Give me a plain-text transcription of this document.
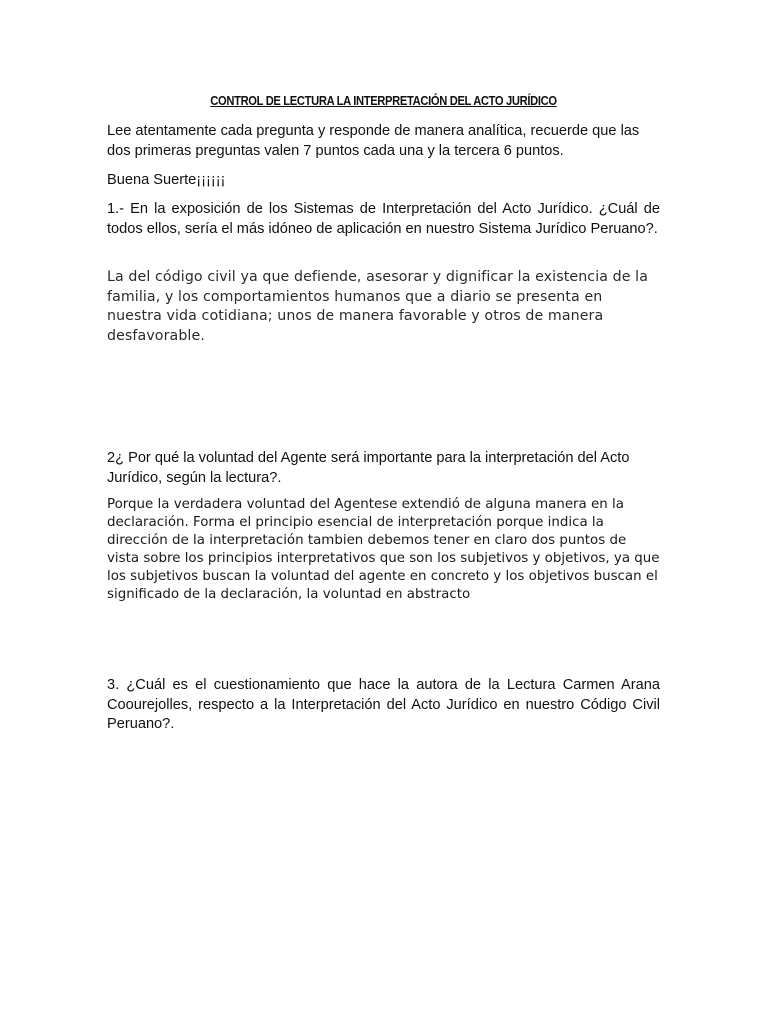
CONTROL DE LECTURA LA INTERPRETACIÓN DEL ACTO JURÍDICO

Lee atentamente cada pregunta y responde de manera analítica, recuerde que las dos primeras preguntas valen 7 puntos cada una y la tercera 6 puntos.

Buena Suerte¡¡¡¡¡¡

1.- En la exposición de los Sistemas de Interpretación del Acto Jurídico. ¿Cuál de todos ellos, sería el más idóneo de aplicación en nuestro Sistema Jurídico Peruano?.

La del código civil ya que defiende, asesorar y dignificar la existencia de la familia, y los comportamientos humanos que a diario se presenta en nuestra vida cotidiana; unos de manera favorable y otros de manera desfavorable.

2¿ Por qué la voluntad del Agente será importante para la interpretación del Acto Jurídico, según la lectura?.

Porque la verdadera voluntad del Agentese extendió de alguna manera en la declaración. Forma el principio esencial de interpretación porque indica la dirección de la interpretación tambien debemos tener en claro dos puntos de vista sobre los principios interpretativos que son los subjetivos y objetivos, ya que los subjetivos buscan la voluntad del agente en concreto y los objetivos buscan el significado de la declaración, la voluntad en abstracto

3. ¿Cuál es el cuestionamiento que hace la autora de la Lectura Carmen Arana Coourejolles, respecto a la Interpretación del Acto Jurídico en nuestro Código Civil Peruano?.
